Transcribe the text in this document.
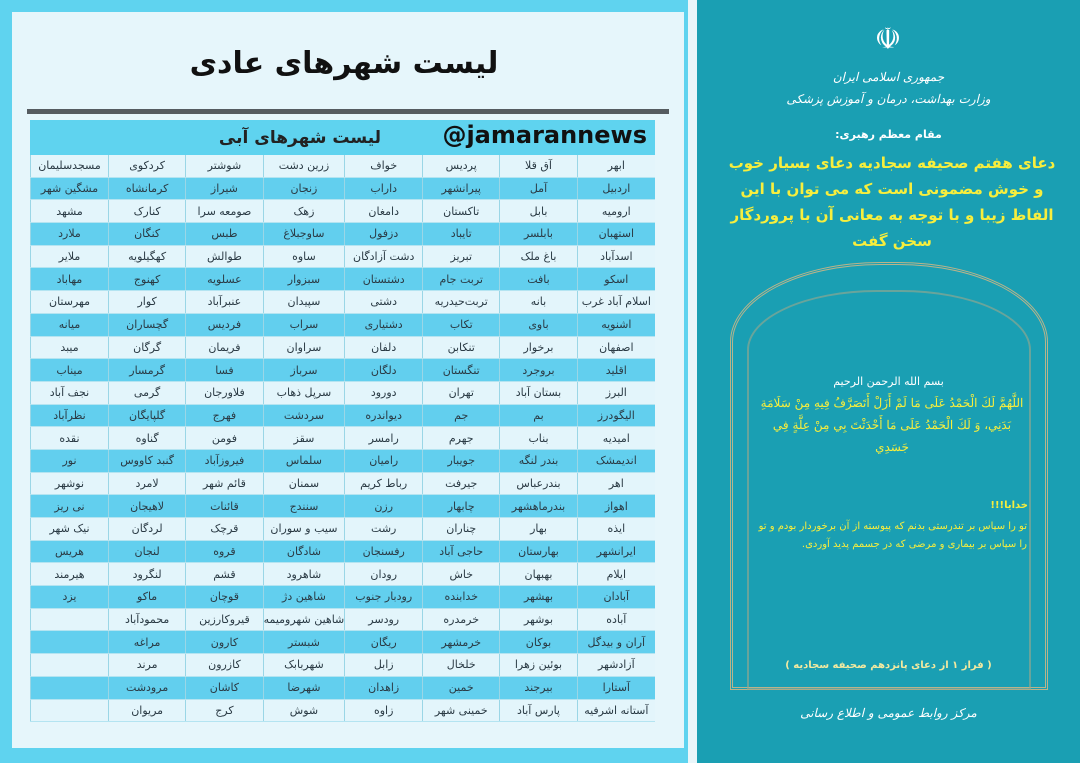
لیست شهرهای عادی
@jamarannews
لیست شهرهای آبی
ابهر	آق قلا	پردیس	خواف	زرین دشت	شوشتر	کردکوی	مسجدسلیمان
اردبیل	آمل	پیرانشهر	داراب	زنجان	شیراز	کرمانشاه	مشگین شهر
ارومیه	بابل	تاکستان	دامغان	زهک	صومعه سرا	کنارک	مشهد
استهبان	بابلسر	تایباد	دزفول	ساوجبلاغ	طبس	کنگان	ملارد
اسدآباد	باغ ملک	تبریز	دشت آزادگان	ساوه	طوالش	کهگیلویه	ملایر
اسکو	بافت	تربت جام	دشتستان	سبزوار	عسلویه	کهنوج	مهاباد
اسلام آباد غرب	بانه	تربت‌حیدریه	دشتی	سپیدان	عنبرآباد	کوار	مهرستان
اشنویه	باوی	تکاب	دشتیاری	سراب	فردیس	گچساران	میانه
اصفهان	برخوار	تنکابن	دلفان	سراوان	فریمان	گرگان	میبد
اقلید	بروجرد	تنگستان	دلگان	سرباز	فسا	گرمسار	میناب
البرز	بستان آباد	تهران	دورود	سرپل ذهاب	فلاورجان	گرمی	نجف آباد
الیگودرز	بم	جم	دیواندره	سردشت	فهرج	گلپایگان	نظرآباد
امیدیه	بناب	جهرم	رامسر	سقز	فومن	گناوه	نقده
اندیمشک	بندر لنگه	جویبار	رامیان	سلماس	فیروزآباد	گنبد کاووس	نور
اهر	بندرعباس	جیرفت	رباط کریم	سمنان	قائم شهر	لامرد	نوشهر
اهواز	بندرماهشهر	چابهار	رزن	سنندج	قائنات	لاهیجان	نی ریز
ایذه	بهار	چناران	رشت	سیب و سوران	قرچک	لردگان	نیک شهر
ایرانشهر	بهارستان	حاجی آباد	رفسنجان	شادگان	قروه	لنجان	هریس
ایلام	بهبهان	خاش	رودان	شاهرود	قشم	لنگرود	هیرمند
آبادان	بهشهر	خدابنده	رودبار جنوب	شاهین دژ	قوچان	ماکو	یزد
آباده	بوشهر	خرمدره	رودسر	شاهین شهرومیمه	قیروکارزین	محمودآباد	
آران و بیدگل	بوکان	خرمشهر	ریگان	شبستر	کارون	مراغه	
آزادشهر	بوئین زهرا	خلخال	زابل	شهربابک	کازرون	مرند	
آستارا	بیرجند	خمین	زاهدان	شهرضا	کاشان	مرودشت	
آستانه اشرفیه	پارس آباد	خمینی شهر	زاوه	شوش	کرج	مریوان	
☫
جمهوری اسلامی ایران
وزارت بهداشت، درمان و آموزش پزشکی
مقام معظم رهبری:
دعای هفتم صحیفه سجادیه دعای بسیار خوب و خوش مضمونی است که می توان با این الفاظ زیبا و با توجه به معانی آن با پروردگار سخن گفت
بسم الله الرحمن الرحيم
اللَّهُمَّ لَكَ الْحَمْدُ عَلَى مَا لَمْ أَزَلْ أَتَصَرَّفُ فِيهِ مِنْ سَلَامَةِ بَدَنِي، وَ لَكَ الْحَمْدُ عَلَى مَا أَحْدَثْتَ بِي مِنْ عِلَّةٍ فِي جَسَدِي
خدایا!!!
تو را سپاس بر تندرستی بدنم که پیوسته از آن برخوردار بودم و تو را سپاس بر بیماری و مرضی که در جسمم پدید آوردی.
( فراز ۱ از دعای پانزدهم صحیفه سجادیه )
مرکز روابط عمومی و اطلاع رسانی
